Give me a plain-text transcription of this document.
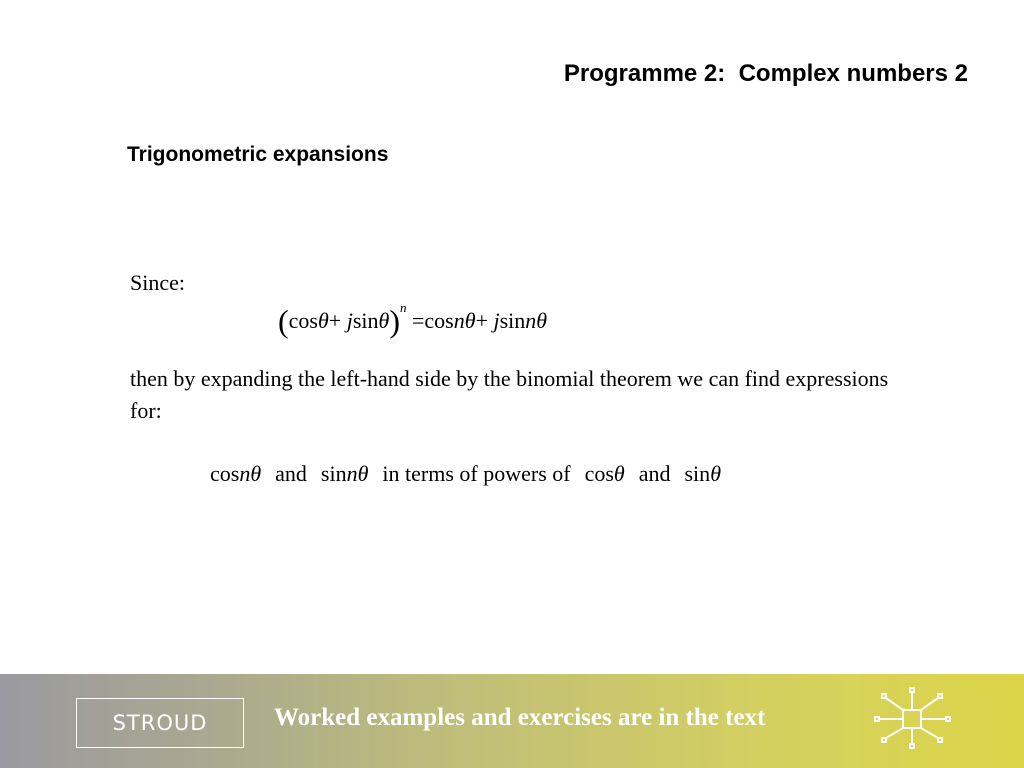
Programme 2:  Complex numbers 2
Trigonometric expansions
Since:
$(\cos\theta+ jsin\theta)^n =\cos n\theta+ jsinn\theta$
then by expanding the left-hand side by the binomial theorem we can find expressions for:
cosnθ and sinnθ in terms of powers of cosθ and sinθ
STROUD	Worked examples and exercises are in the text
